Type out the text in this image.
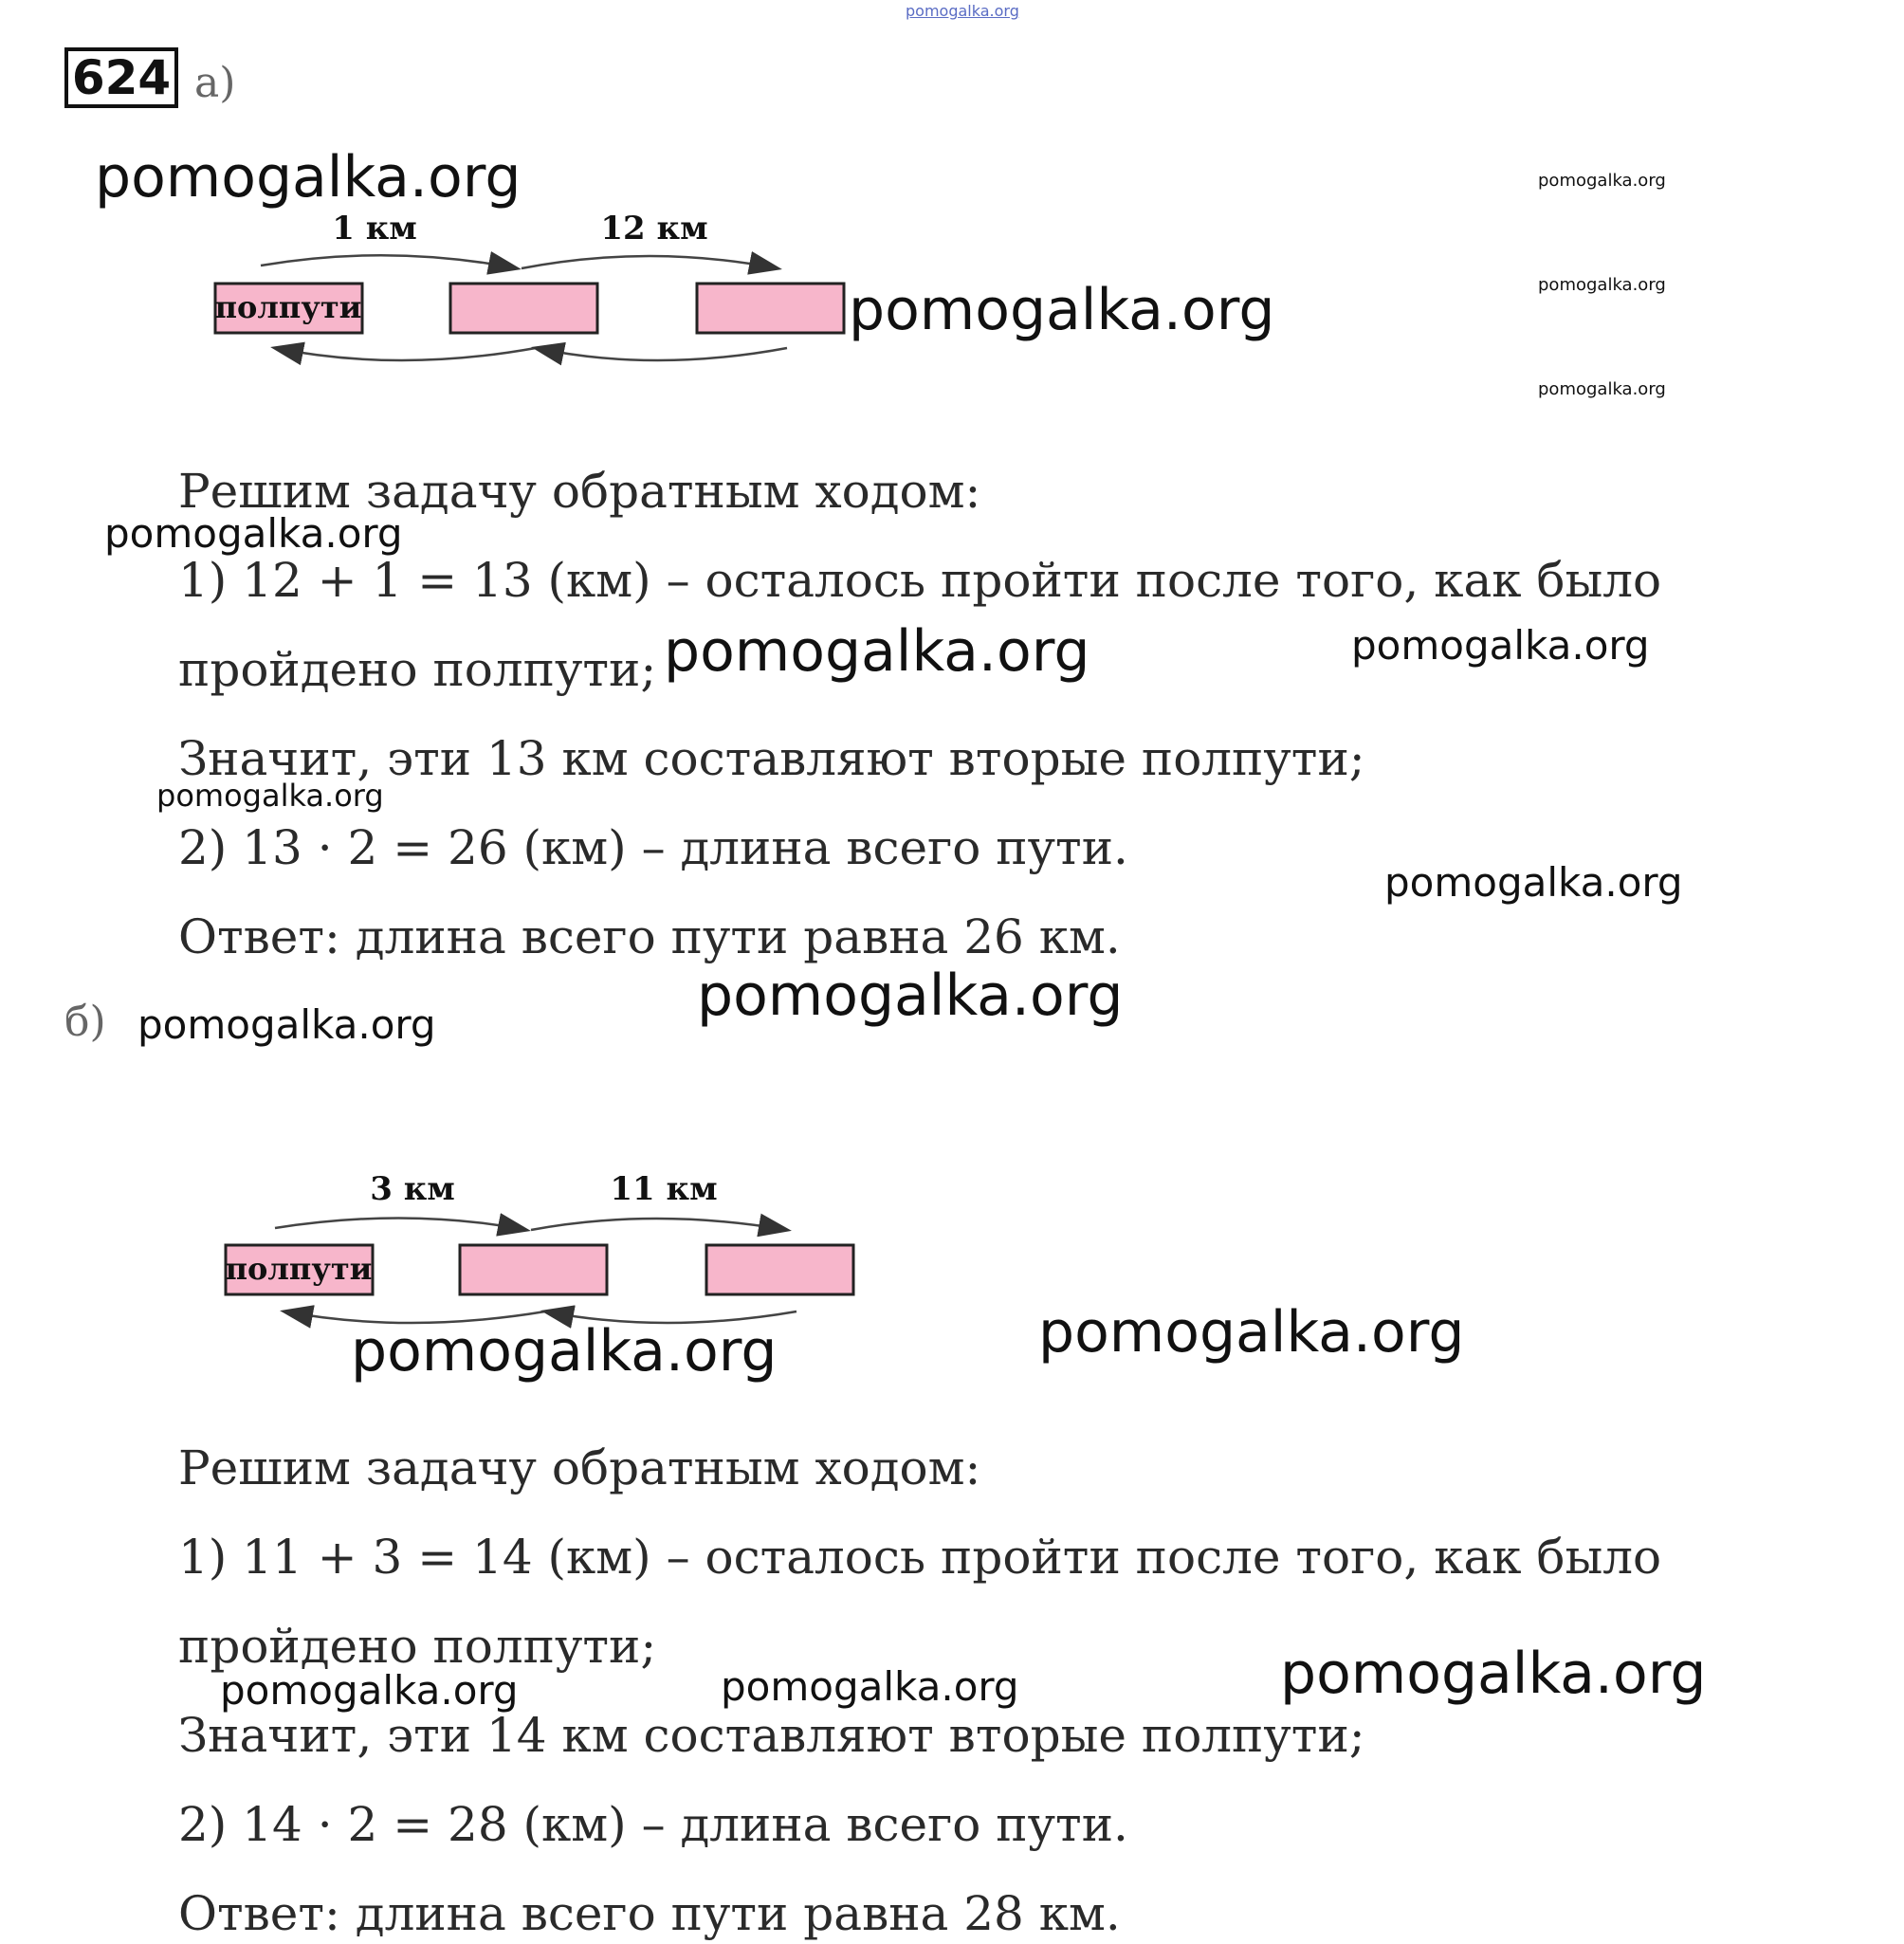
pomogalka.org
624 а)
pomogalka.org	pomogalka.org
pomogalka.org
pomogalka.org
pomogalka.org
1 км	12 км
полпути
Решим задачу обратным ходом:
pomogalka.org
1) 12 + 1 = 13 (км) – осталось пройти после того, как было
пройдено полпути; pomogalka.org	pomogalka.org
Значит, эти 13 км составляют вторые полпути;
pomogalka.org
2) 13 · 2 = 26 (км) – длина всего пути.
pomogalka.org
Ответ: длина всего пути равна 26 км.
pomogalka.org
б) pomogalka.org
3 км	11 км
полпути
pomogalka.org	pomogalka.org
Решим задачу обратным ходом:
1) 11 + 3 = 14 (км) – осталось пройти после того, как было
пройдено полпути;
pomogalka.org	pomogalka.org	pomogalka.org
Значит, эти 14 км составляют вторые полпути;
2) 14 · 2 = 28 (км) – длина всего пути.
Ответ: длина всего пути равна 28 км.
